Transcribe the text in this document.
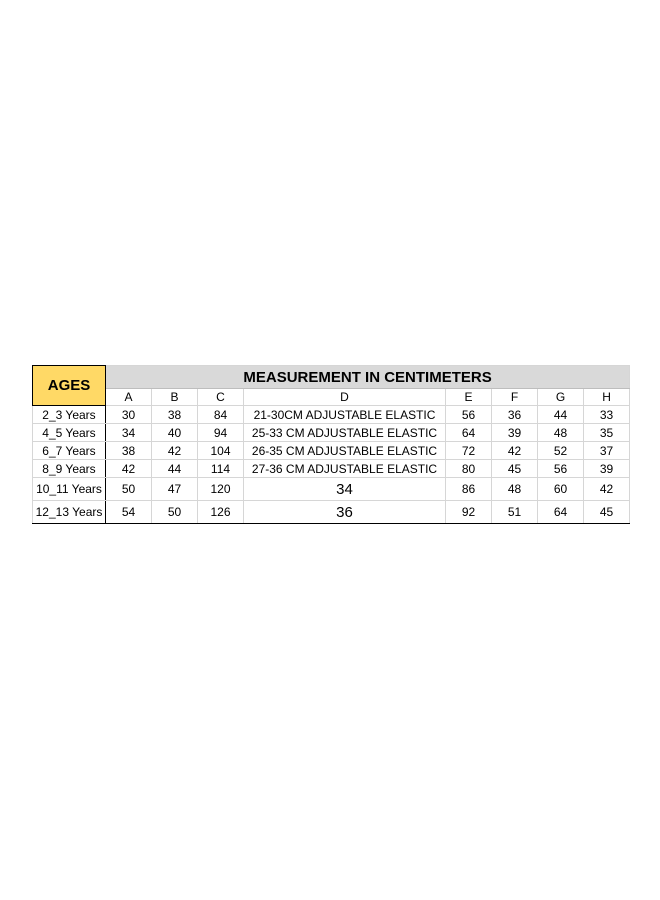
AGES	MEASUREMENT IN CENTIMETERS							
	A	B	C	D	E	F	G	H
2_3 Years	30	38	84	21-30CM ADJUSTABLE ELASTIC	56	36	44	33
4_5 Years	34	40	94	25-33 CM ADJUSTABLE ELASTIC	64	39	48	35
6_7 Years	38	42	104	26-35 CM ADJUSTABLE ELASTIC	72	42	52	37
8_9 Years	42	44	114	27-36 CM ADJUSTABLE ELASTIC	80	45	56	39
10_11 Years	50	47	120	34	86	48	60	42
12_13 Years	54	50	126	36	92	51	64	45
